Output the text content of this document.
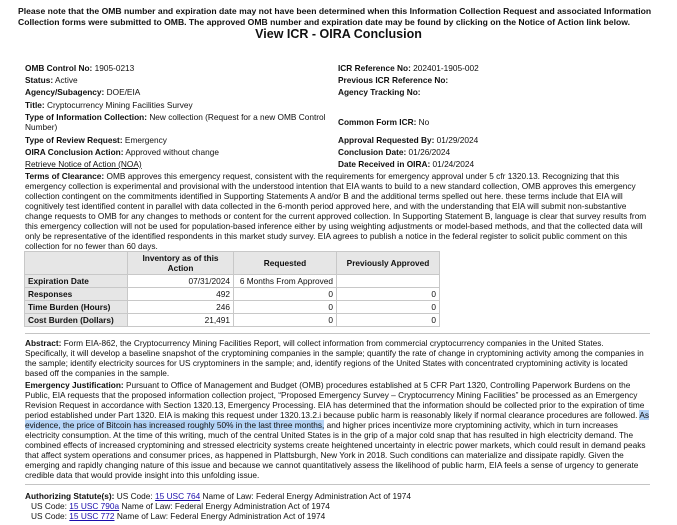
Please note that the OMB number and expiration date may not have been determined when this Information Collection Request and associated Information Collection forms were submitted to OMB. The approved OMB number and expiration date may be found by clicking on the Notice of Action link below.
View ICR - OIRA Conclusion
OMB Control No: 1905-0213
Status: Active
Agency/Subagency: DOE/EIA
Title: Cryptocurrency Mining Facilities Survey
Type of Information Collection: New collection (Request for a new OMB Control Number)
Type of Review Request: Emergency
OIRA Conclusion Action: Approved without change
Retrieve Notice of Action (NOA)
ICR Reference No: 202401-1905-002
Previous ICR Reference No:
Agency Tracking No:
Common Form ICR: No
Approval Requested By: 01/29/2024
Conclusion Date: 01/26/2024
Date Received in OIRA: 01/24/2024
Terms of Clearance: OMB approves this emergency request, consistent with the requirements for emergency approval under 5 cfr 1320.13. Recognizing that this emergency collection is experimental and provisional with the understood intention that EIA wants to build to a new standard collection, OMB approves this emergency collection contingent on the commitments identified in Supporting Statements A and/or B and the additional terms spelled out here. these terms include that EIA will cognitively test identified content in parallel with data collected in the 6-month period approved here, and with the understanding that EIA will submit non-substantive change requests to OMB for any changes to methods or content for the current approved collection. In Supporting Statement B, language is clear that survey results from this emergency collection will not be used for population-based inference either by using weighting adjustments or model-based methods, and that the collected data will only be representative of the identified respondents in this market study survey. EIA agrees to publish a notice in the federal register to solicit public comment on this collection for no fewer than 60 days.
	Inventory as of this Action	Requested	Previously Approved
Expiration Date	07/31/2024	6 Months From Approved	
Responses	492	0	0
Time Burden (Hours)	246	0	0
Cost Burden (Dollars)	21,491	0	0
Abstract: Form EIA-862, the Cryptocurrency Mining Facilities Report, will collect information from commercial cryptocurrency companies in the United States. Specifically, it will develop a baseline snapshot of the cryptomining companies in the sample; quantify the rate of change in cryptomining activity among the companies in the sample; identify electricity sources for US cryptominers in the sample; and, identify regions of the United States with concentrated cryptomining activity is located based off the companies in the sample.
Emergency Justification: Pursuant to Office of Management and Budget (OMB) procedures established at 5 CFR Part 1320, Controlling Paperwork Burdens on the Public, EIA requests that the proposed information collection project, “Proposed Emergency Survey – Cryptocurrency Mining Facilities” be processed as an Emergency Revision Request in accordance with Section 1320.13, Emergency Processing. EIA has determined that the information should be collected prior to the expiration of time period established under Part 1320. EIA is making this request under 1320.13.2.i because public harm is reasonably likely if normal clearance procedures are followed. As evidence, the price of Bitcoin has increased roughly 50% in the last three months, and higher prices incentivize more cryptomining activity, which in turn increases electricity consumption. At the time of this writing, much of the central United States is in the grip of a major cold snap that has resulted in high electricity demand. The combined effects of increased cryptomining and stressed electricity systems create heightened uncertainty in electric power markets, which could result in demand peaks that affect system operations and consumer prices, as happened in Plattsburgh, New York in 2018. Such conditions can materialize and dissipate rapidly. Given the emerging and rapidly changing nature of this issue and because we cannot quantitatively assess the likelihood of public harm, EIA feels a sense of urgency to generate credible data that would provide insight into this unfolding issue.
Authorizing Statute(s): US Code: 15 USC 764 Name of Law: Federal Energy Administration Act of 1974
US Code: 15 USC 790a Name of Law: Federal Energy Administration Act of 1974
US Code: 15 USC 772 Name of Law: Federal Energy Administration Act of 1974
